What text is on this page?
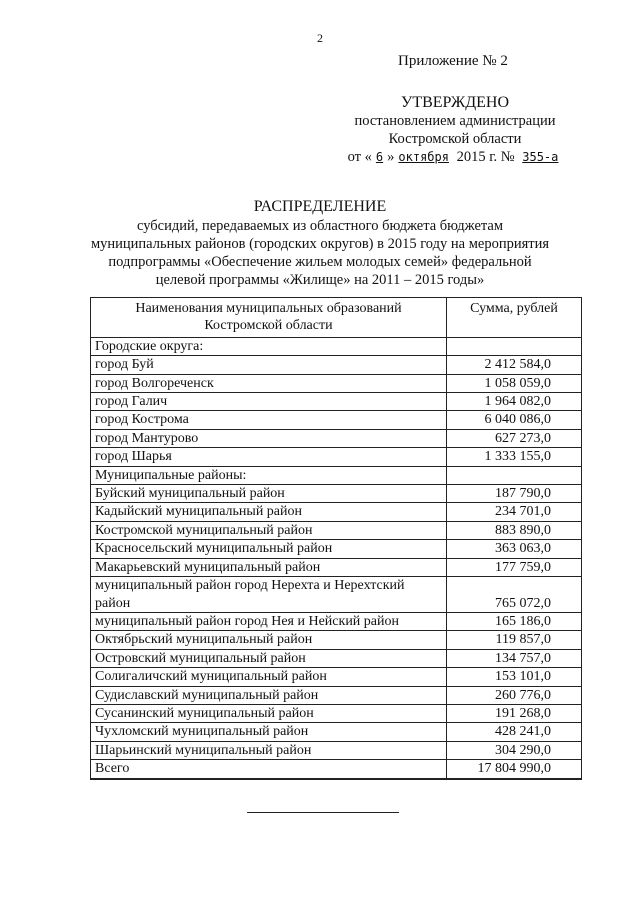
2
Приложение № 2
УТВЕРЖДЕНО
постановлением администрации
Костромской области
от « 6 » октября 2015 г. № 355-а
РАСПРЕДЕЛЕНИЕ
субсидий, передаваемых из областного бюджета бюджетам
муниципальных районов (городских округов) в 2015 году на мероприятия
подпрограммы «Обеспечение жильем молодых семей» федеральной
целевой программы «Жилище» на 2011 – 2015 годы»
Наименования муниципальных образований Костромской области	Сумма, рублей
Городские округа:	
город Буй	2 412 584,0
город Волгореченск	1 058 059,0
город Галич	1 964 082,0
город Кострома	6 040 086,0
город Мантурово	627 273,0
город Шарья	1 333 155,0
Муниципальные районы:	
Буйский муниципальный район	187 790,0
Кадыйский муниципальный район	234 701,0
Костромской муниципальный район	883 890,0
Красносельский муниципальный район	363 063,0
Макарьевский муниципальный район	177 759,0
муниципальный район город Нерехта и Нерехтский район	765 072,0
муниципальный район город Нея и Нейский район	165 186,0
Октябрьский муниципальный район	119 857,0
Островский муниципальный район	134 757,0
Солигаличский муниципальный район	153 101,0
Судиславский муниципальный район	260 776,0
Сусанинский муниципальный район	191 268,0
Чухломский муниципальный район	428 241,0
Шарьинский муниципальный район	304 290,0
Всего	17 804 990,0
